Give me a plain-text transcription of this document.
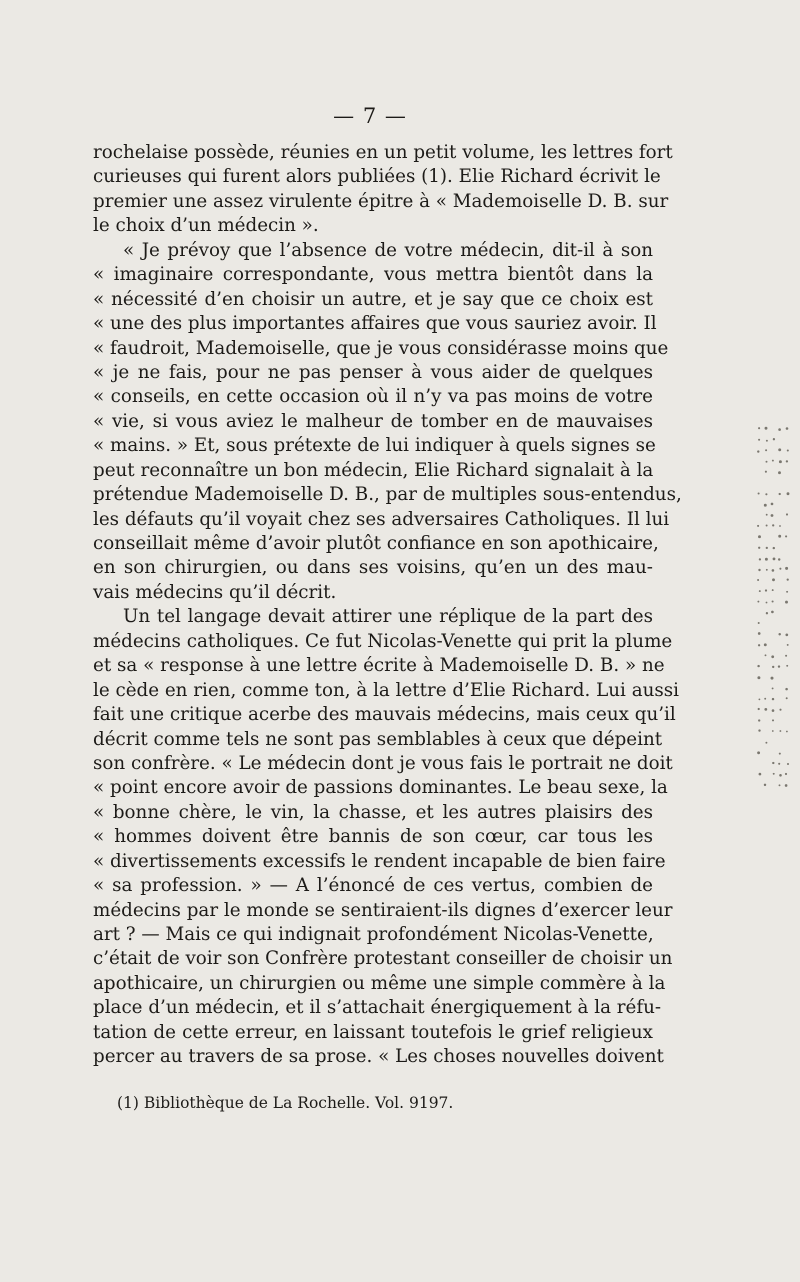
— 7 —
rochelaise possède, réunies en un petit volume, les lettres fort
curieuses qui furent alors publiées (1). Elie Richard écrivit le
premier une assez virulente épitre à « Mademoiselle D. B. sur
le choix d’un médecin ».
« Je prévoy que l’absence de votre médecin, dit-il à son
« imaginaire correspondante, vous mettra bientôt dans la
« nécessité d’en choisir un autre, et je say que ce choix est
« une des plus importantes affaires que vous sauriez avoir. Il
« faudroit, Mademoiselle, que je vous considérasse moins que
« je ne fais, pour ne pas penser à vous aider de quelques
« conseils, en cette occasion où il n’y va pas moins de votre
« vie, si vous aviez le malheur de tomber en de mauvaises
« mains. » Et, sous prétexte de lui indiquer à quels signes se
peut reconnaître un bon médecin, Elie Richard signalait à la
prétendue Mademoiselle D. B., par de multiples sous-entendus,
les défauts qu’il voyait chez ses adversaires Catholiques. Il lui
conseillait même d’avoir plutôt confiance en son apothicaire,
en son chirurgien, ou dans ses voisins, qu’en un des mau-
vais médecins qu’il décrit.
Un tel langage devait attirer une réplique de la part des
médecins catholiques. Ce fut Nicolas-Venette qui prit la plume
et sa « response à une lettre écrite à Mademoiselle D. B. » ne
le cède en rien, comme ton, à la lettre d’Elie Richard. Lui aussi
fait une critique acerbe des mauvais médecins, mais ceux qu’il
décrit comme tels ne sont pas semblables à ceux que dépeint
son confrère. « Le médecin dont je vous fais le portrait ne doit
« point encore avoir de passions dominantes. Le beau sexe, la
« bonne chère, le vin, la chasse, et les autres plaisirs des
« hommes doivent être bannis de son cœur, car tous les
« divertissements excessifs le rendent incapable de bien faire
« sa profession. » — A l’énoncé de ces vertus, combien de
médecins par le monde se sentiraient-ils dignes d’exercer leur
art ? — Mais ce qui indignait profondément Nicolas-Venette,
c’était de voir son Confrère protestant conseiller de choisir un
apothicaire, un chirurgien ou même une simple commère à la
place d’un médecin, et il s’attachait énergiquement à la réfu-
tation de cette erreur, en laissant toutefois le grief religieux
percer au travers de sa prose. « Les choses nouvelles doivent
(1) Bibliothèque de La Rochelle. Vol. 9197.
